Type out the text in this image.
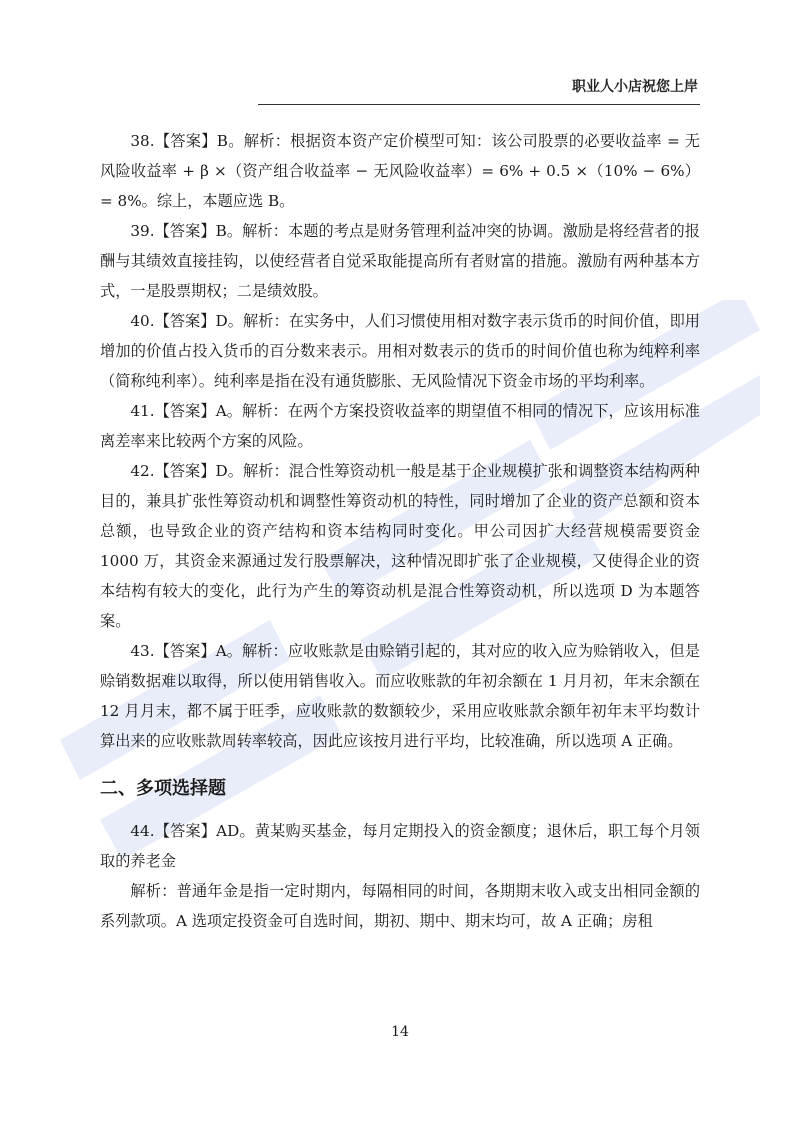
职业人小店祝您上岸

38.【答案】B。解析：根据资本资产定价模型可知：该公司股票的必要收益率 = 无风险收益率 + β ×（资产组合收益率 − 无风险收益率）= 6% + 0.5 ×（10% − 6%）= 8%。综上，本题应选 B。

39.【答案】B。解析：本题的考点是财务管理利益冲突的协调。激励是将经营者的报酬与其绩效直接挂钩，以使经营者自觉采取能提高所有者财富的措施。激励有两种基本方式，一是股票期权；二是绩效股。

40.【答案】D。解析：在实务中，人们习惯使用相对数字表示货币的时间价值，即用增加的价值占投入货币的百分数来表示。用相对数表示的货币的时间价值也称为纯粹利率（简称纯利率）。纯利率是指在没有通货膨胀、无风险情况下资金市场的平均利率。

41.【答案】A。解析：在两个方案投资收益率的期望值不相同的情况下，应该用标准离差率来比较两个方案的风险。

42.【答案】D。解析：混合性筹资动机一般是基于企业规模扩张和调整资本结构两种目的，兼具扩张性筹资动机和调整性筹资动机的特性，同时增加了企业的资产总额和资本总额，也导致企业的资产结构和资本结构同时变化。甲公司因扩大经营规模需要资金 1000 万，其资金来源通过发行股票解决，这种情况即扩张了企业规模，又使得企业的资本结构有较大的变化，此行为产生的筹资动机是混合性筹资动机，所以选项 D 为本题答案。

43.【答案】A。解析：应收账款是由赊销引起的，其对应的收入应为赊销收入，但是赊销数据难以取得，所以使用销售收入。而应收账款的年初余额在 1 月月初，年末余额在 12 月月末，都不属于旺季，应收账款的数额较少，采用应收账款余额年初年末平均数计算出来的应收账款周转率较高，因此应该按月进行平均，比较准确，所以选项 A 正确。

二、多项选择题

44.【答案】AD。黄某购买基金，每月定期投入的资金额度；退休后，职工每个月领取的养老金

解析：普通年金是指一定时期内，每隔相同的时间，各期期末收入或支出相同金额的系列款项。A 选项定投资金可自选时间，期初、期中、期末均可，故 A 正确；房租

14
